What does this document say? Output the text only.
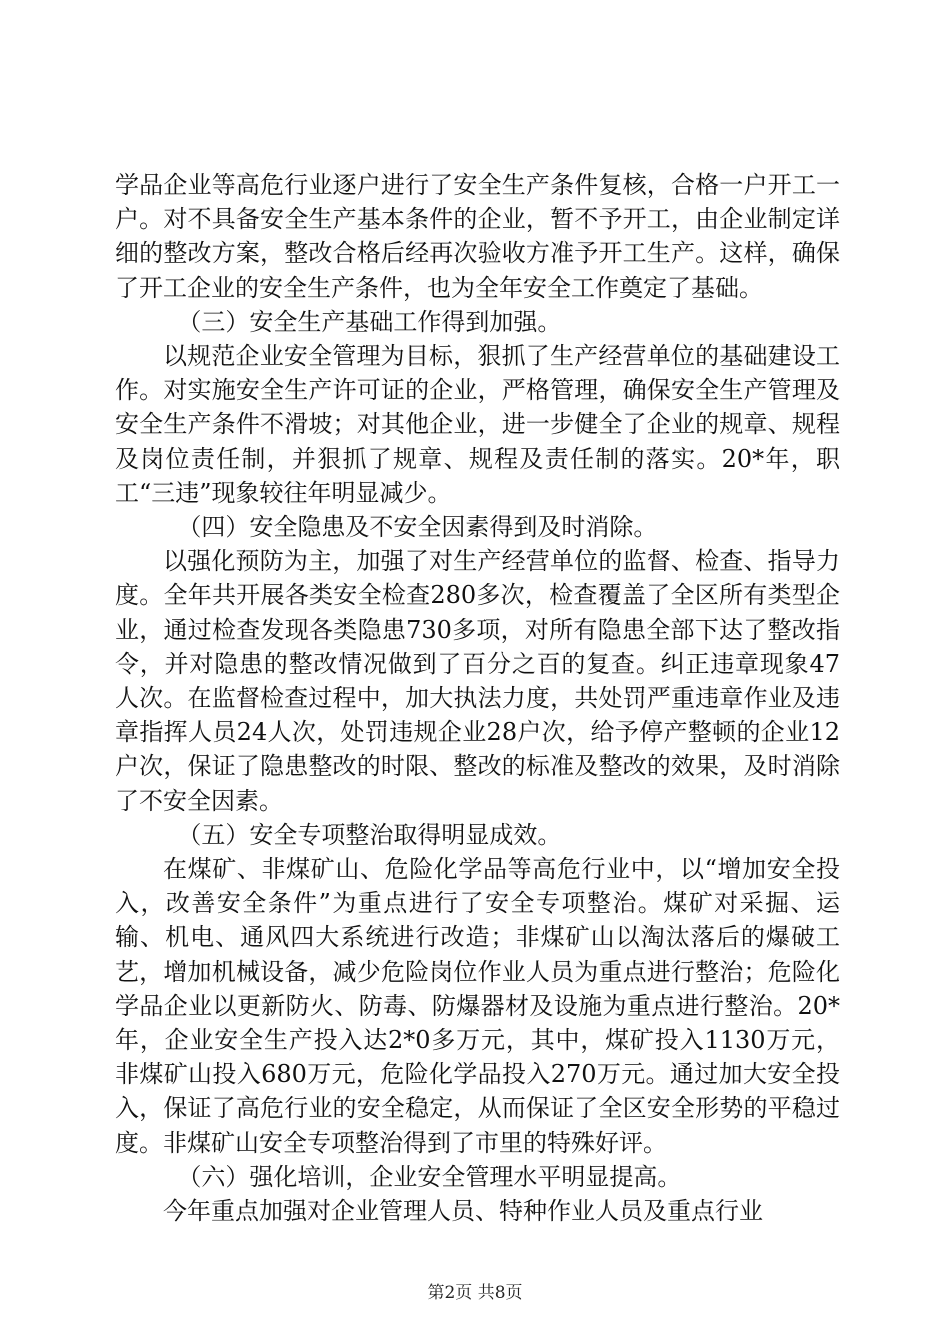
学品企业等高危行业逐户进行了安全生产条件复核，合格一户开工一户。对不具备安全生产基本条件的企业，暂不予开工，由企业制定详细的整改方案，整改合格后经再次验收方准予开工生产。这样，确保了开工企业的安全生产条件，也为全年安全工作奠定了基础。

（三）安全生产基础工作得到加强。

以规范企业安全管理为目标，狠抓了生产经营单位的基础建设工作。对实施安全生产许可证的企业，严格管理，确保安全生产管理及安全生产条件不滑坡；对其他企业，进一步健全了企业的规章、规程及岗位责任制，并狠抓了规章、规程及责任制的落实。20*年，职工“三违”现象较往年明显减少。

（四）安全隐患及不安全因素得到及时消除。

以强化预防为主，加强了对生产经营单位的监督、检查、指导力度。全年共开展各类安全检查280多次，检查覆盖了全区所有类型企业，通过检查发现各类隐患730多项，对所有隐患全部下达了整改指令，并对隐患的整改情况做到了百分之百的复查。纠正违章现象47人次。在监督检查过程中，加大执法力度，共处罚严重违章作业及违章指挥人员24人次，处罚违规企业28户次，给予停产整顿的企业12户次，保证了隐患整改的时限、整改的标准及整改的效果，及时消除了不安全因素。

（五）安全专项整治取得明显成效。

在煤矿、非煤矿山、危险化学品等高危行业中，以“增加安全投入，改善安全条件”为重点进行了安全专项整治。煤矿对采掘、运输、机电、通风四大系统进行改造；非煤矿山以淘汰落后的爆破工艺，增加机械设备，减少危险岗位作业人员为重点进行整治；危险化学品企业以更新防火、防毒、防爆器材及设施为重点进行整治。20*年，企业安全生产投入达2*0多万元，其中，煤矿投入1130万元，非煤矿山投入680万元，危险化学品投入270万元。通过加大安全投入，保证了高危行业的安全稳定，从而保证了全区安全形势的平稳过度。非煤矿山安全专项整治得到了市里的特殊好评。

（六）强化培训，企业安全管理水平明显提高。

今年重点加强对企业管理人员、特种作业人员及重点行业

第2页 共8页
